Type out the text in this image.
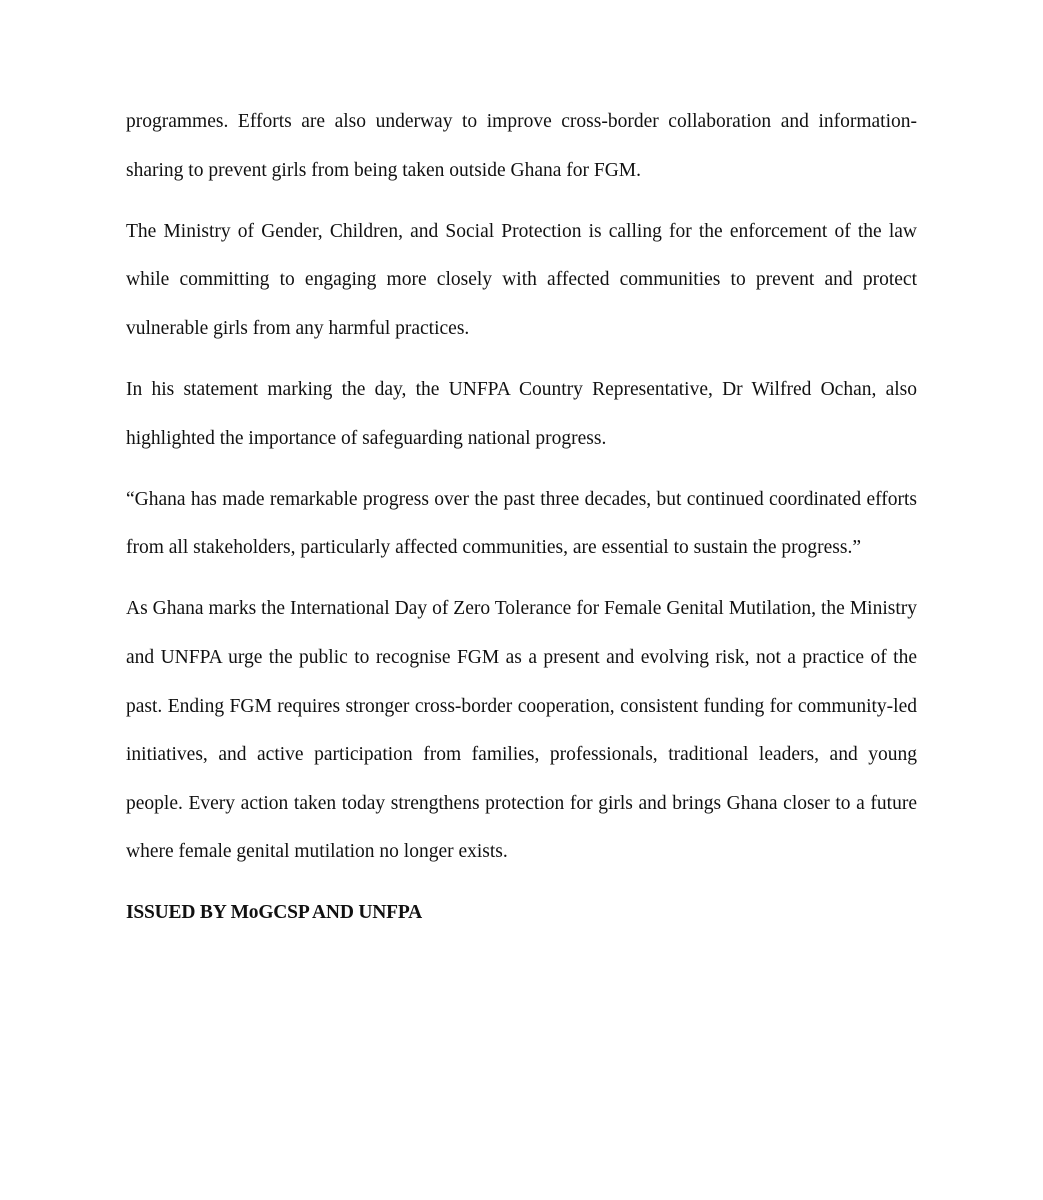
programmes. Efforts are also underway to improve cross-border collaboration and information-sharing to prevent girls from being taken outside Ghana for FGM.

The Ministry of Gender, Children, and Social Protection is calling for the enforcement of the law while committing to engaging more closely with affected communities to prevent and protect vulnerable girls from any harmful practices.

In his statement marking the day, the UNFPA Country Representative, Dr Wilfred Ochan, also highlighted the importance of safeguarding national progress.

“Ghana has made remarkable progress over the past three decades, but continued coordinated efforts from all stakeholders, particularly affected communities, are essential to sustain the progress.”

As Ghana marks the International Day of Zero Tolerance for Female Genital Mutilation, the Ministry and UNFPA urge the public to recognise FGM as a present and evolving risk, not a practice of the past. Ending FGM requires stronger cross-border cooperation, consistent funding for community-led initiatives, and active participation from families, professionals, traditional leaders, and young people. Every action taken today strengthens protection for girls and brings Ghana closer to a future where female genital mutilation no longer exists.

ISSUED BY MoGCSP AND UNFPA
